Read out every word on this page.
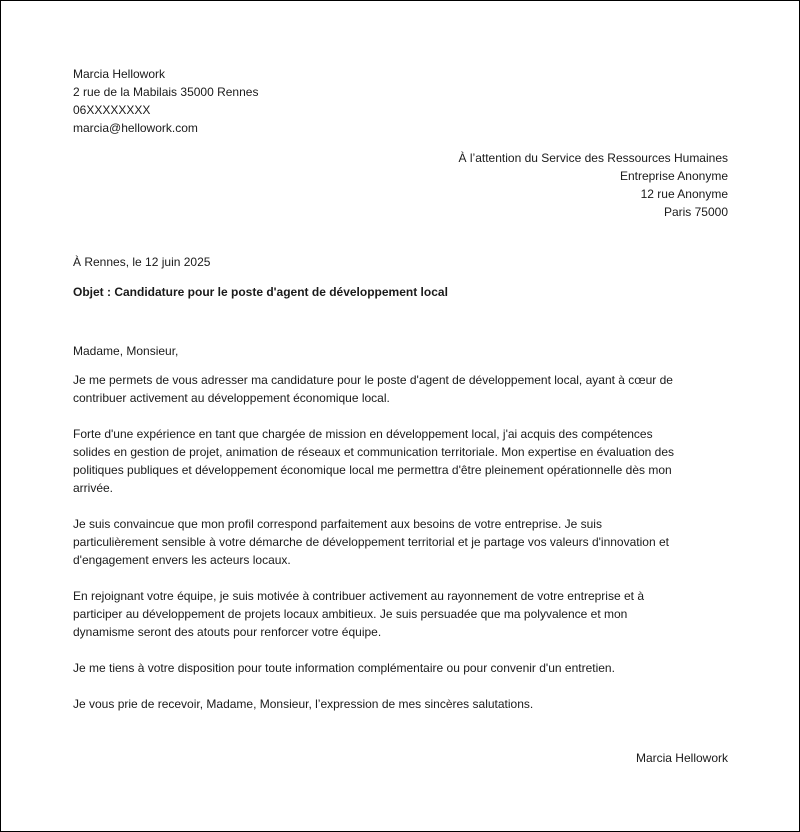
Marcia Hellowork
2 rue de la Mabilais 35000 Rennes
06XXXXXXXX
marcia@hellowork.com
À l’attention du Service des Ressources Humaines
Entreprise Anonyme
12 rue Anonyme
Paris 75000
À Rennes, le 12 juin 2025
Objet : Candidature pour le poste d'agent de développement local
Madame, Monsieur,

Je me permets de vous adresser ma candidature pour le poste d'agent de développement local, ayant à cœur de
contribuer activement au développement économique local.

Forte d'une expérience en tant que chargée de mission en développement local, j'ai acquis des compétences
solides en gestion de projet, animation de réseaux et communication territoriale. Mon expertise en évaluation des
politiques publiques et développement économique local me permettra d'être pleinement opérationnelle dès mon
arrivée.

Je suis convaincue que mon profil correspond parfaitement aux besoins de votre entreprise. Je suis
particulièrement sensible à votre démarche de développement territorial et je partage vos valeurs d'innovation et
d'engagement envers les acteurs locaux.

En rejoignant votre équipe, je suis motivée à contribuer activement au rayonnement de votre entreprise et à
participer au développement de projets locaux ambitieux. Je suis persuadée que ma polyvalence et mon
dynamisme seront des atouts pour renforcer votre équipe.

Je me tiens à votre disposition pour toute information complémentaire ou pour convenir d'un entretien.

Je vous prie de recevoir, Madame, Monsieur, l’expression de mes sincères salutations.

Marcia Hellowork
